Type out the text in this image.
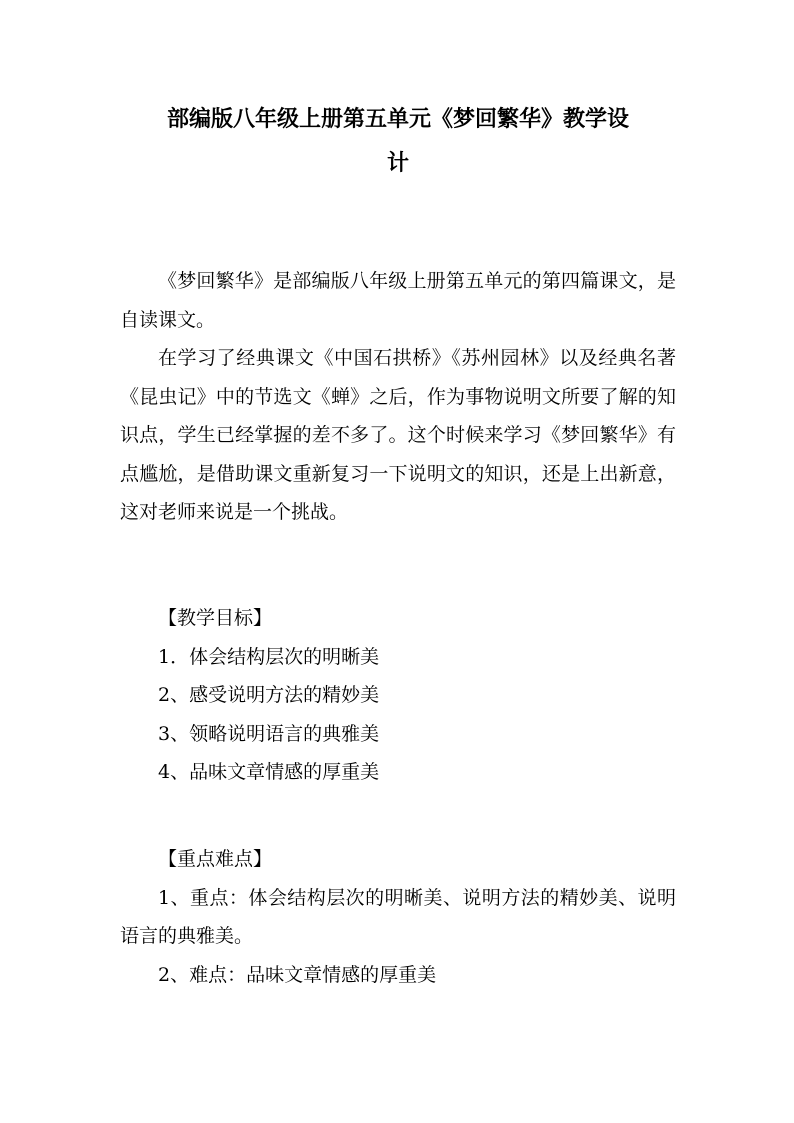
部编版八年级上册第五单元《梦回繁华》教学设
计

《梦回繁华》是部编版八年级上册第五单元的第四篇课文，是自读课文。

在学习了经典课文《中国石拱桥》《苏州园林》以及经典名著《昆虫记》中的节选文《蝉》之后，作为事物说明文所要了解的知识点，学生已经掌握的差不多了。这个时候来学习《梦回繁华》有点尴尬，是借助课文重新复习一下说明文的知识，还是上出新意，这对老师来说是一个挑战。

【教学目标】

1．体会结构层次的明晰美

2、感受说明方法的精妙美

3、领略说明语言的典雅美

4、品味文章情感的厚重美

【重点难点】

1、重点：体会结构层次的明晰美、说明方法的精妙美、说明语言的典雅美。

2、难点：品味文章情感的厚重美
